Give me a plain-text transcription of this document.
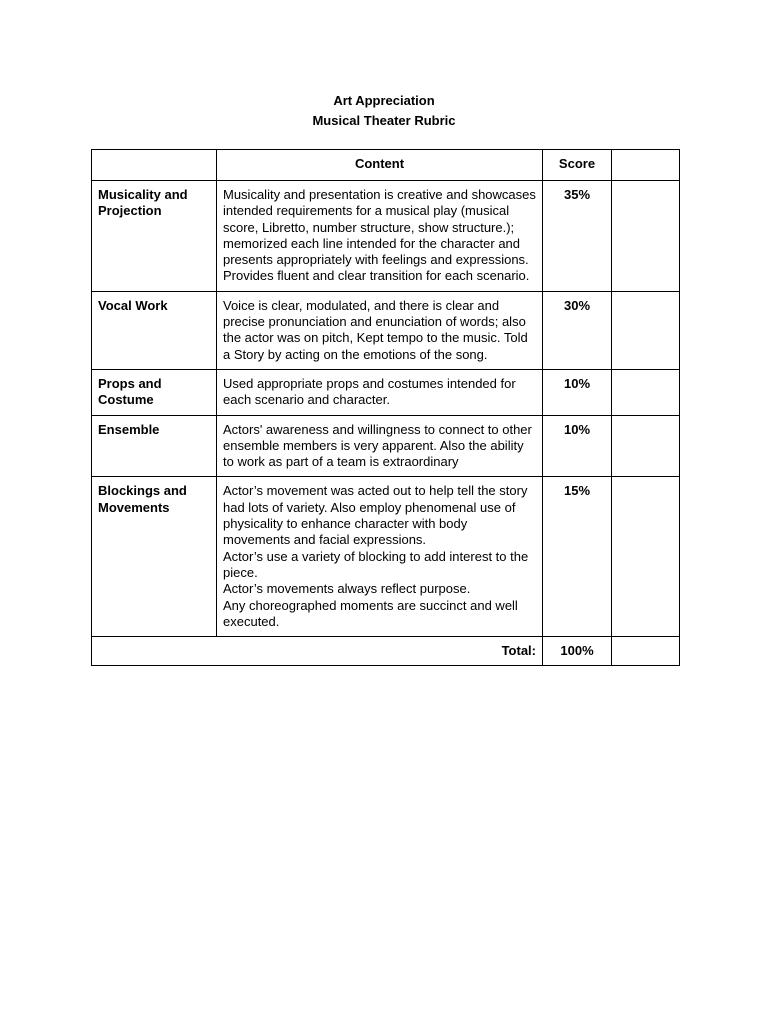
Art Appreciation
Musical Theater Rubric
	Content	Score	
Musicality and Projection	Musicality and presentation is creative and showcases intended requirements for a musical play (musical score, Libretto, number structure, show structure.); memorized each line intended for the character and presents appropriately with feelings and expressions. Provides fluent and clear transition for each scenario.	35%	
Vocal Work	Voice is clear, modulated, and there is clear and precise pronunciation and enunciation of words; also the actor was on pitch, Kept tempo to the music. Told a Story by acting on the emotions of the song.	30%	
Props and Costume	Used appropriate props and costumes intended for each scenario and character.	10%	
Ensemble	Actors' awareness and willingness to connect to other ensemble members is very apparent. Also the ability to work as part of a team is extraordinary	10%	
Blockings and Movements	Actor’s movement was acted out to help tell the story had lots of variety. Also employ phenomenal use of physicality to enhance character with body movements and facial expressions.
Actor’s use a variety of blocking to add interest to the piece.
Actor’s movements always reflect purpose.
Any choreographed moments are succinct and well executed.	15%	
Total:		100%	
